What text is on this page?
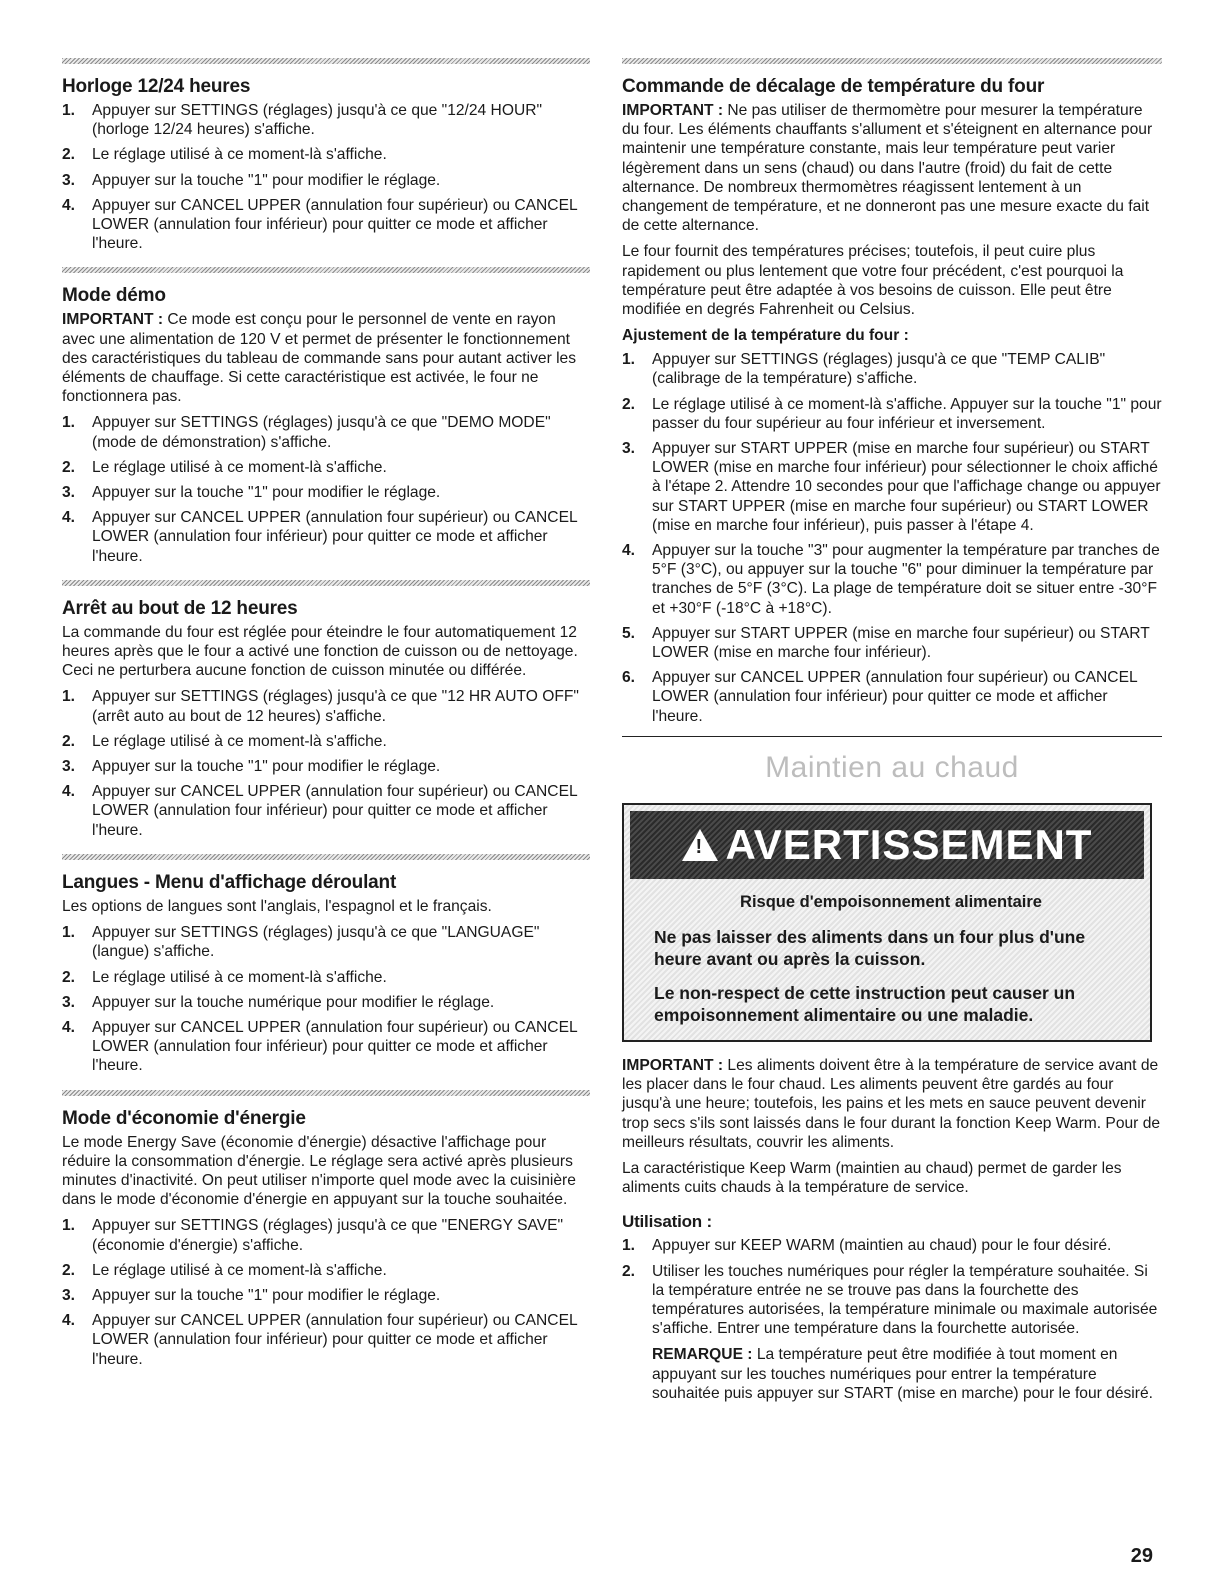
Horloge 12/24 heures
1. Appuyer sur SETTINGS (réglages) jusqu'à ce que "12/24 HOUR" (horloge 12/24 heures) s'affiche.
2. Le réglage utilisé à ce moment-là s'affiche.
3. Appuyer sur la touche "1" pour modifier le réglage.
4. Appuyer sur CANCEL UPPER (annulation four supérieur) ou CANCEL LOWER (annulation four inférieur) pour quitter ce mode et afficher l'heure.
Mode démo

IMPORTANT : Ce mode est conçu pour le personnel de vente en rayon avec une alimentation de 120 V et permet de présenter le fonctionnement des caractéristiques du tableau de commande sans pour autant activer les éléments de chauffage. Si cette caractéristique est activée, le four ne fonctionnera pas.

1. Appuyer sur SETTINGS (réglages) jusqu'à ce que "DEMO MODE" (mode de démonstration) s'affiche.
2. Le réglage utilisé à ce moment-là s'affiche.
3. Appuyer sur la touche "1" pour modifier le réglage.
4. Appuyer sur CANCEL UPPER (annulation four supérieur) ou CANCEL LOWER (annulation four inférieur) pour quitter ce mode et afficher l'heure.
Arrêt au bout de 12 heures

La commande du four est réglée pour éteindre le four automatiquement 12 heures après que le four a activé une fonction de cuisson ou de nettoyage. Ceci ne perturbera aucune fonction de cuisson minutée ou différée.

1. Appuyer sur SETTINGS (réglages) jusqu'à ce que "12 HR AUTO OFF" (arrêt auto au bout de 12 heures) s'affiche.
2. Le réglage utilisé à ce moment-là s'affiche.
3. Appuyer sur la touche "1" pour modifier le réglage.
4. Appuyer sur CANCEL UPPER (annulation four supérieur) ou CANCEL LOWER (annulation four inférieur) pour quitter ce mode et afficher l'heure.
Langues - Menu d'affichage déroulant

Les options de langues sont l'anglais, l'espagnol et le français.

1. Appuyer sur SETTINGS (réglages) jusqu'à ce que "LANGUAGE" (langue) s'affiche.
2. Le réglage utilisé à ce moment-là s'affiche.
3. Appuyer sur la touche numérique pour modifier le réglage.
4. Appuyer sur CANCEL UPPER (annulation four supérieur) ou CANCEL LOWER (annulation four inférieur) pour quitter ce mode et afficher l'heure.
Mode d'économie d'énergie

Le mode Energy Save (économie d'énergie) désactive l'affichage pour réduire la consommation d'énergie. Le réglage sera activé après plusieurs minutes d'inactivité. On peut utiliser n'importe quel mode avec la cuisinière dans le mode d'économie d'énergie en appuyant sur la touche souhaitée.

1. Appuyer sur SETTINGS (réglages) jusqu'à ce que "ENERGY SAVE" (économie d'énergie) s'affiche.
2. Le réglage utilisé à ce moment-là s'affiche.
3. Appuyer sur la touche "1" pour modifier le réglage.
4. Appuyer sur CANCEL UPPER (annulation four supérieur) ou CANCEL LOWER (annulation four inférieur) pour quitter ce mode et afficher l'heure.
Commande de décalage de température du four

IMPORTANT : Ne pas utiliser de thermomètre pour mesurer la température du four. Les éléments chauffants s'allument et s'éteignent en alternance pour maintenir une température constante, mais leur température peut varier légèrement dans un sens (chaud) ou dans l'autre (froid) du fait de cette alternance. De nombreux thermomètres réagissent lentement à un changement de température, et ne donneront pas une mesure exacte du fait de cette alternance.

Le four fournit des températures précises; toutefois, il peut cuire plus rapidement ou plus lentement que votre four précédent, c'est pourquoi la température peut être adaptée à vos besoins de cuisson. Elle peut être modifiée en degrés Fahrenheit ou Celsius.

Ajustement de la température du four :
1. Appuyer sur SETTINGS (réglages) jusqu'à ce que "TEMP CALIB" (calibrage de la température) s'affiche.
2. Le réglage utilisé à ce moment-là s'affiche. Appuyer sur la touche "1" pour passer du four supérieur au four inférieur et inversement.
3. Appuyer sur START UPPER (mise en marche four supérieur) ou START LOWER (mise en marche four inférieur) pour sélectionner le choix affiché à l'étape 2. Attendre 10 secondes pour que l'affichage change ou appuyer sur START UPPER (mise en marche four supérieur) ou START LOWER (mise en marche four inférieur), puis passer à l'étape 4.
4. Appuyer sur la touche "3" pour augmenter la température par tranches de 5°F (3°C), ou appuyer sur la touche "6" pour diminuer la température par tranches de 5°F (3°C). La plage de température doit se situer entre -30°F et +30°F (-18°C à +18°C).
5. Appuyer sur START UPPER (mise en marche four supérieur) ou START LOWER (mise en marche four inférieur).
6. Appuyer sur CANCEL UPPER (annulation four supérieur) ou CANCEL LOWER (annulation four inférieur) pour quitter ce mode et afficher l'heure.
Maintien au chaud
! AVERTISSEMENT
Risque d'empoisonnement alimentaire
Ne pas laisser des aliments dans un four plus d'une heure avant ou après la cuisson.
Le non-respect de cette instruction peut causer un empoisonnement alimentaire ou une maladie.

IMPORTANT : Les aliments doivent être à la température de service avant de les placer dans le four chaud. Les aliments peuvent être gardés au four jusqu'à une heure; toutefois, les pains et les mets en sauce peuvent devenir trop secs s'ils sont laissés dans le four durant la fonction Keep Warm. Pour de meilleurs résultats, couvrir les aliments.

La caractéristique Keep Warm (maintien au chaud) permet de garder les aliments cuits chauds à la température de service.

Utilisation :
1. Appuyer sur KEEP WARM (maintien au chaud) pour le four désiré.
2. Utiliser les touches numériques pour régler la température souhaitée. Si la température entrée ne se trouve pas dans la fourchette des températures autorisées, la température minimale ou maximale autorisée s'affiche. Entrer une température dans la fourchette autorisée.
REMARQUE : La température peut être modifiée à tout moment en appuyant sur les touches numériques pour entrer la température souhaitée puis appuyer sur START (mise en marche) pour le four désiré.
29
